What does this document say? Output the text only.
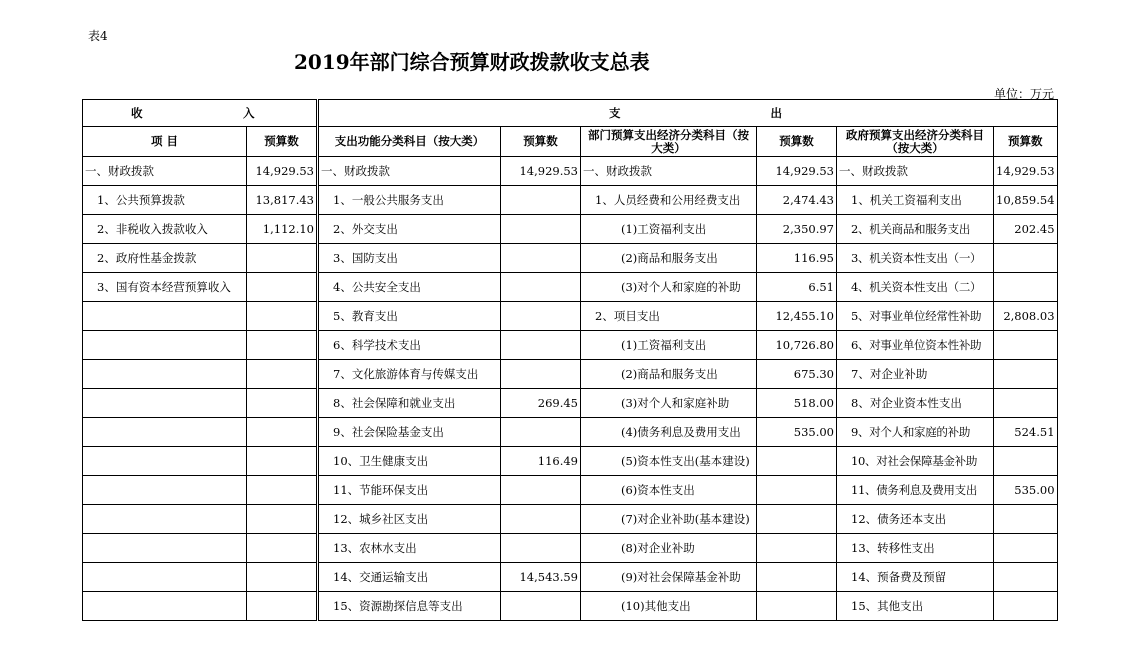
表4
2019年部门综合预算财政拨款收支总表
单位：万元
收 入		支 出					
项 目	预算数	支出功能分类科目（按大类）	预算数	部门预算支出经济分类科目（按大类）	预算数	政府预算支出经济分类科目（按大类）	预算数
一、财政拨款	14,929.53	一、财政拨款	14,929.53	一、财政拨款	14,929.53	一、财政拨款	14,929.53
1、公共预算拨款	13,817.43	1、一般公共服务支出		1、人员经费和公用经费支出	2,474.43	1、机关工资福利支出	10,859.54
2、非税收入拨款收入	1,112.10	2、外交支出		(1)工资福利支出	2,350.97	2、机关商品和服务支出	202.45
2、政府性基金拨款		3、国防支出		(2)商品和服务支出	116.95	3、机关资本性支出（一）	
3、国有资本经营预算收入		4、公共安全支出		(3)对个人和家庭的补助	6.51	4、机关资本性支出（二）	
		5、教育支出		2、项目支出	12,455.10	5、对事业单位经常性补助	2,808.03
		6、科学技术支出		(1)工资福利支出	10,726.80	6、对事业单位资本性补助	
		7、文化旅游体育与传媒支出		(2)商品和服务支出	675.30	7、对企业补助	
		8、社会保障和就业支出	269.45	(3)对个人和家庭补助	518.00	8、对企业资本性支出	
		9、社会保险基金支出		(4)债务利息及费用支出	535.00	9、对个人和家庭的补助	524.51
		10、卫生健康支出	116.49	(5)资本性支出(基本建设)		10、对社会保障基金补助	
		11、节能环保支出		(6)资本性支出		11、债务利息及费用支出	535.00
		12、城乡社区支出		(7)对企业补助(基本建设)		12、债务还本支出	
		13、农林水支出		(8)对企业补助		13、转移性支出	
		14、交通运输支出	14,543.59	(9)对社会保障基金补助		14、预备费及预留	
		15、资源勘探信息等支出		(10)其他支出		15、其他支出	
